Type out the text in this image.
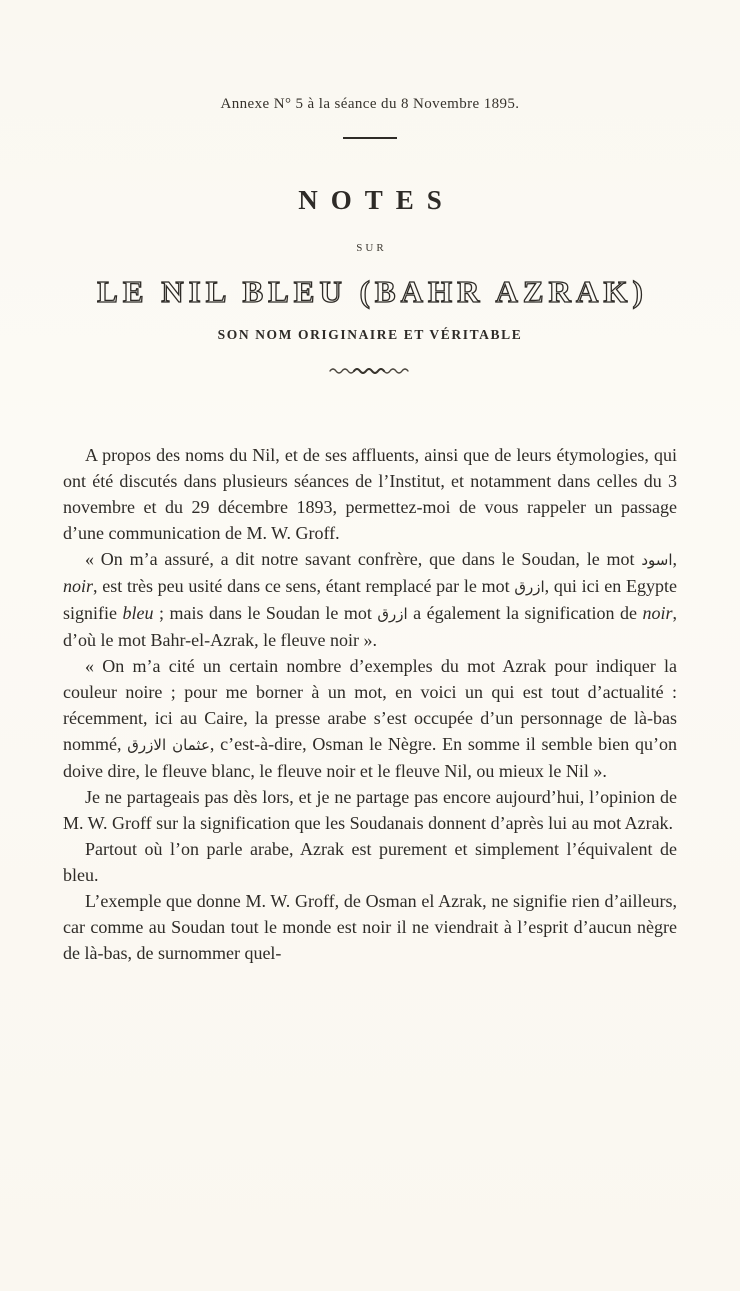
Annexe N° 5 à la séance du 8 Novembre 1895.
NOTES
SUR
LE NIL BLEU (BAHR AZRAK)
SON NOM ORIGINAIRE ET VÉRITABLE

A propos des noms du Nil, et de ses affluents, ainsi que de leurs étymologies, qui ont été discutés dans plusieurs séances de l’Institut, et notamment dans celles du 3 novembre et du 29 décembre 1893, permettez-moi de vous rappeler un passage d’une communication de M. W. Groff.

« On m’a assuré, a dit notre savant confrère, que dans le Soudan, le mot اسود, noir, est très peu usité dans ce sens, étant remplacé par le mot ازرق, qui ici en Egypte signifie bleu ; mais dans le Soudan le mot ازرق a également la signification de noir, d’où le mot Bahr-el-Azrak, le fleuve noir ».

« On m’a cité un certain nombre d’exemples du mot Azrak pour indiquer la couleur noire ; pour me borner à un mot, en voici un qui est tout d’actualité : récemment, ici au Caire, la presse arabe s’est occupée d’un personnage de là-bas nommé, عثمان الازرق, c’est-à-dire, Osman le Nègre. En somme il semble bien qu’on doive dire, le fleuve blanc, le fleuve noir et le fleuve Nil, ou mieux le Nil ».

Je ne partageais pas dès lors, et je ne partage pas encore aujourd’hui, l’opinion de M. W. Groff sur la signification que les Soudanais donnent d’après lui au mot Azrak.

Partout où l’on parle arabe, Azrak est purement et simplement l’équivalent de bleu.

L’exemple que donne M. W. Groff, de Osman el Azrak, ne signifie rien d’ailleurs, car comme au Soudan tout le monde est noir il ne viendrait à l’esprit d’aucun nègre de là-bas, de surnommer quel-
